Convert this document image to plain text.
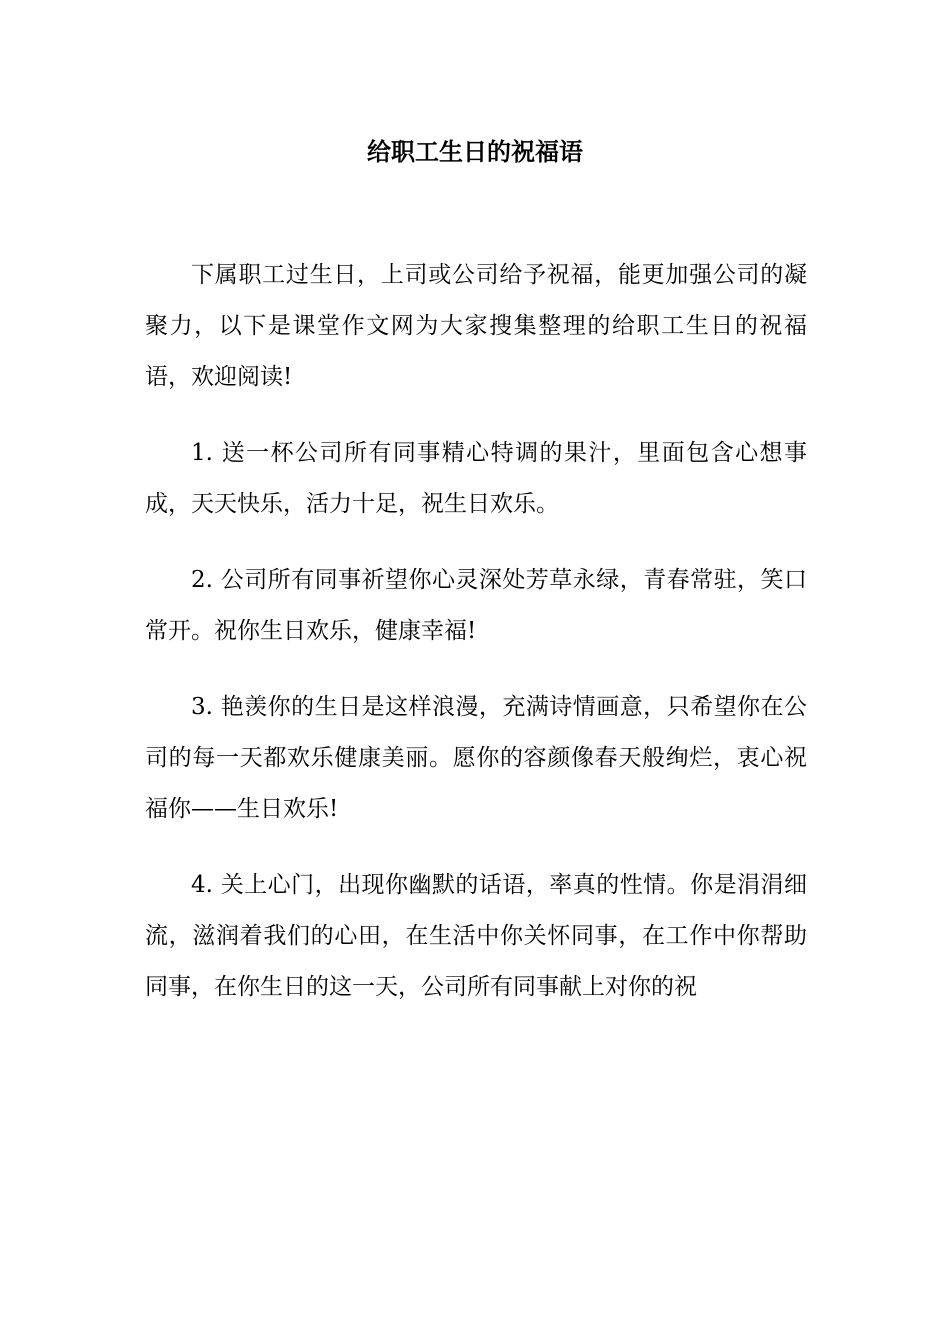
给职工生日的祝福语

下属职工过生日，上司或公司给予祝福，能更加强公司的凝聚力，以下是课堂作文网为大家搜集整理的给职工生日的祝福语，欢迎阅读!

1. 送一杯公司所有同事精心特调的果汁，里面包含心想事成，天天快乐，活力十足，祝生日欢乐。

2. 公司所有同事祈望你心灵深处芳草永绿，青春常驻，笑口常开。祝你生日欢乐，健康幸福!

3. 艳羡你的生日是这样浪漫，充满诗情画意，只希望你在公司的每一天都欢乐健康美丽。愿你的容颜像春天般绚烂，衷心祝福你——生日欢乐!

4. 关上心门，出现你幽默的话语，率真的性情。你是涓涓细流，滋润着我们的心田，在生活中你关怀同事，在工作中你帮助同事，在你生日的这一天，公司所有同事献上对你的祝
